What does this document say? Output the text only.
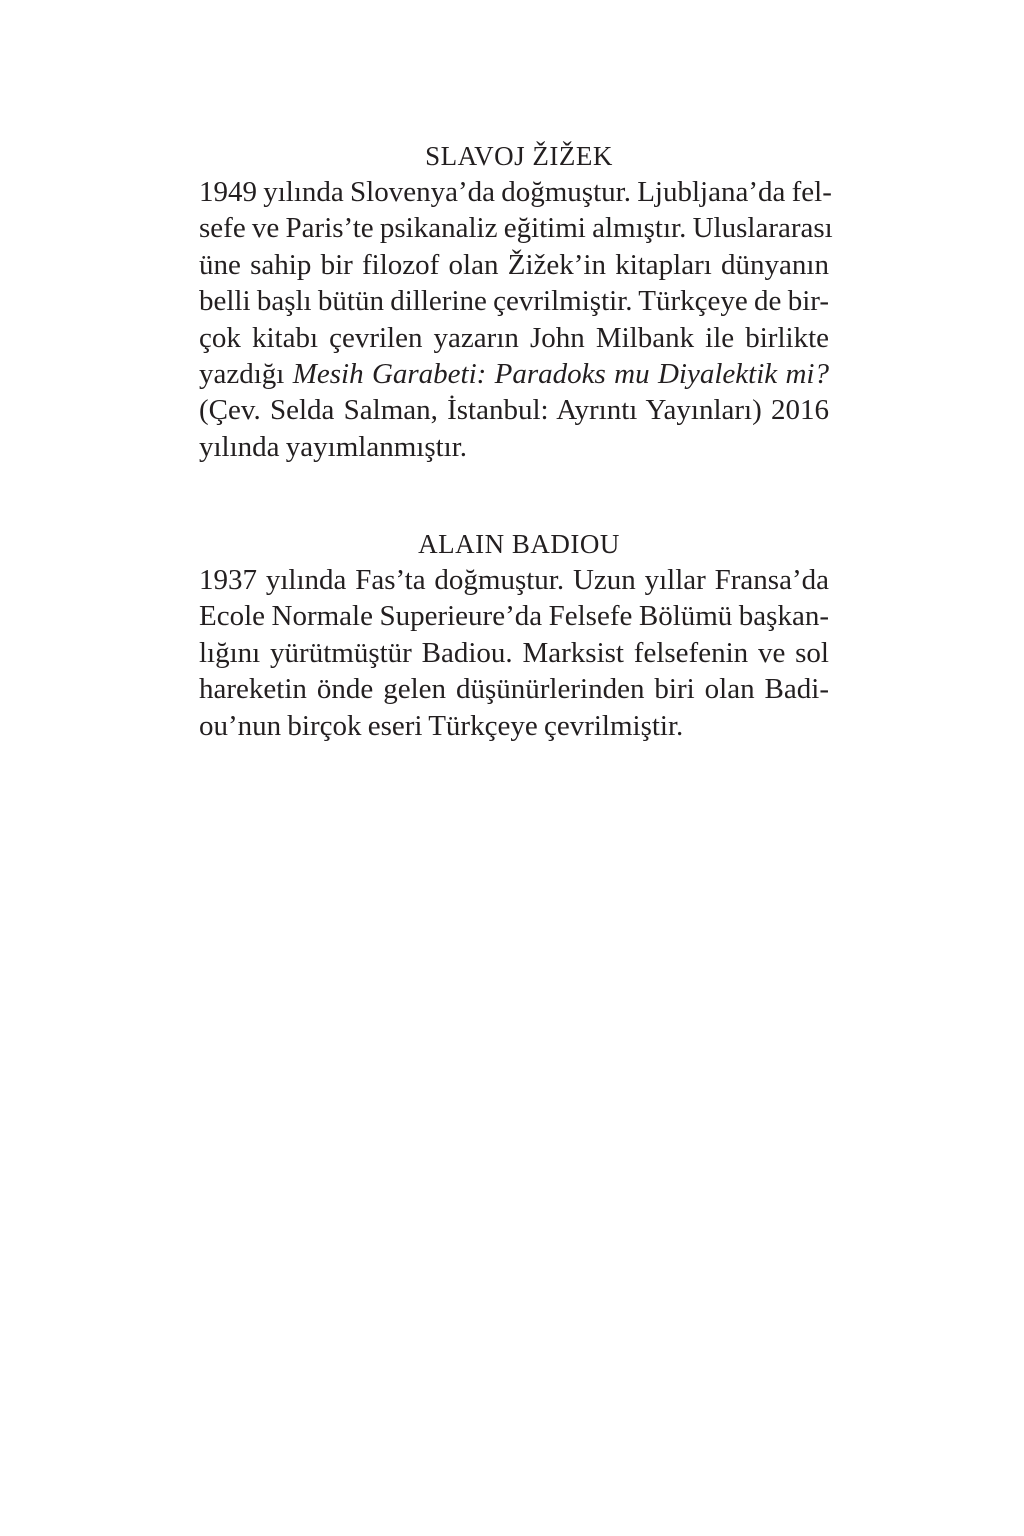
SLAVOJ ŽIŽEK
1949 yılında Slovenya’da doğmuştur. Ljubljana’da fel-
sefe ve Paris’te psikanaliz eğitimi almıştır. Uluslararası
üne sahip bir filozof olan Žižek’in kitapları dünyanın
belli başlı bütün dillerine çevrilmiştir. Türkçeye de bir-
çok kitabı çevrilen yazarın John Milbank ile birlikte
yazdığı Mesih Garabeti: Paradoks mu Diyalektik mi?
(Çev. Selda Salman, İstanbul: Ayrıntı Yayınları) 2016
yılında yayımlanmıştır.
ALAIN BADIOU
1937 yılında Fas’ta doğmuştur. Uzun yıllar Fransa’da
Ecole Normale Superieure’da Felsefe Bölümü başkan-
lığını yürütmüştür Badiou. Marksist felsefenin ve sol
hareketin önde gelen düşünürlerinden biri olan Badi-
ou’nun birçok eseri Türkçeye çevrilmiştir.
